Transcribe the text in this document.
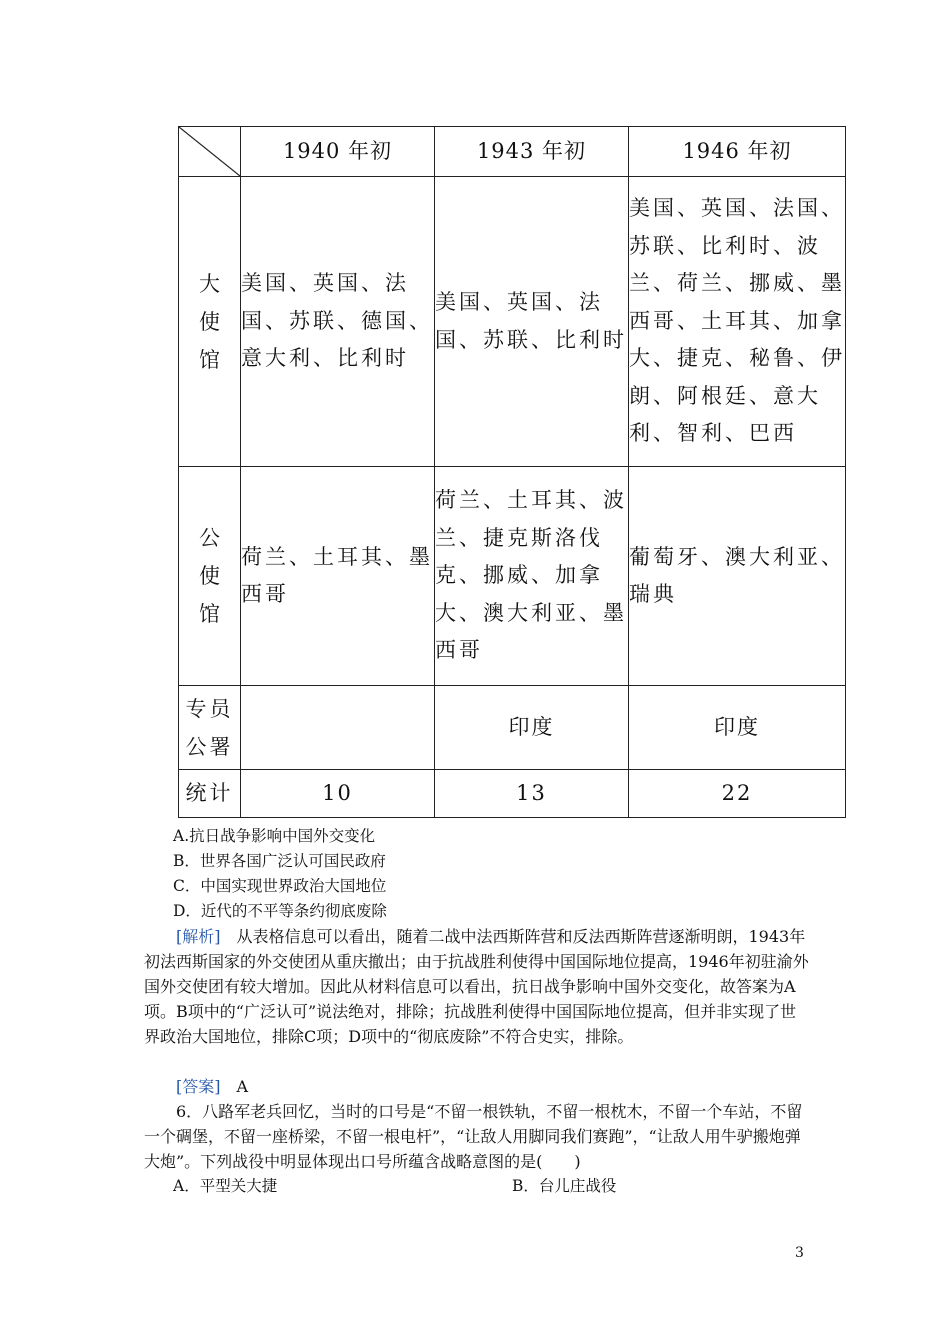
	1940 年初	1943 年初	1946 年初

大
使
馆	美国、英国、法国、苏联、德国、意大利、比利时	美国、英国、法国、苏联、比利时	美国、英国、法国、苏联、比利时、波兰、荷兰、挪威、墨西哥、土耳其、加拿大、捷克、秘鲁、伊朗、阿根廷、意大利、智利、巴西

公
使
馆	荷兰、土耳其、墨西哥	荷兰、土耳其、波兰、捷克斯洛伐克、挪威、加拿大、澳大利亚、墨西哥	葡萄牙、澳大利亚、瑞典

专员
公署		印度	印度
统计	10	13	22
A.抗日战争影响中国外交变化
B．世界各国广泛认可国民政府
C．中国实现世界政治大国地位
D．近代的不平等条约彻底废除
[解析]　从表格信息可以看出，随着二战中法西斯阵营和反法西斯阵营逐渐明朗，1943年初法西斯国家的外交使团从重庆撤出；由于抗战胜利使得中国国际地位提高，1946年初驻渝外国外交使团有较大增加。因此从材料信息可以看出，抗日战争影响中国外交变化，故答案为A项。B项中的“广泛认可”说法绝对，排除；抗战胜利使得中国国际地位提高，但并非实现了世界政治大国地位，排除C项；D项中的“彻底废除”不符合史实，排除。
[答案]　A
6．八路军老兵回忆，当时的口号是“不留一根铁轨，不留一根枕木，不留一个车站，不留一个碉堡，不留一座桥梁，不留一根电杆”，“让敌人用脚同我们赛跑”，“让敌人用牛驴搬炮弹大炮”。下列战役中明显体现出口号所蕴含战略意图的是(　　)
A．平型关大捷	B．台儿庄战役
3
